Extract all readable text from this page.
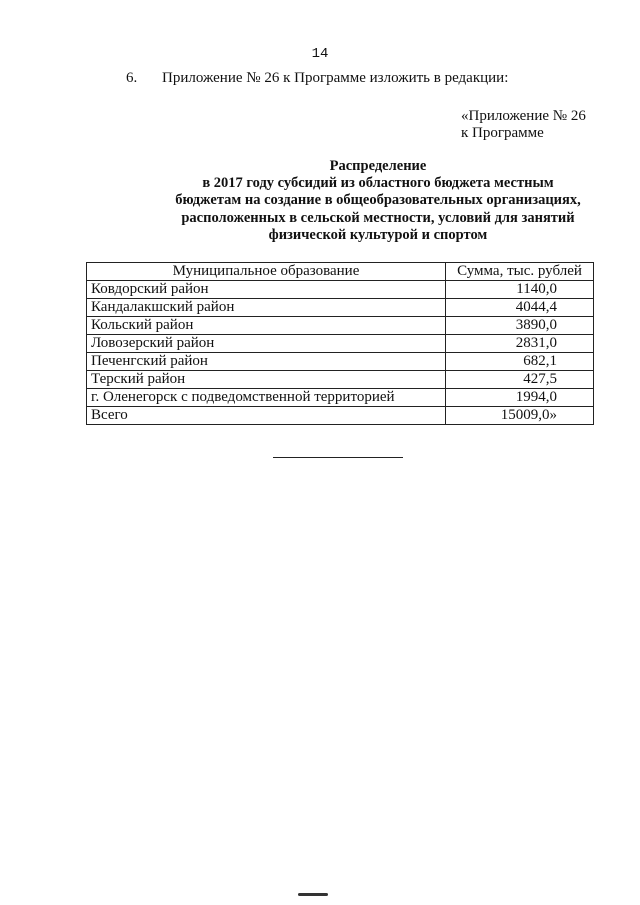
14
6. Приложение № 26 к Программе изложить в редакции:
«Приложение № 26
к Программе
Распределение
в 2017 году субсидий из областного бюджета местным
бюджетам на создание в общеобразовательных организациях,
расположенных в сельской местности, условий для занятий
физической культурой и спортом
Муниципальное образование	Сумма, тыс. рублей
Ковдорский район	1140,0
Кандалакшский район	4044,4
Кольский район	3890,0
Ловозерский район	2831,0
Печенгский район	682,1
Терский район	427,5
г. Оленегорск с подведомственной территорией	1994,0
Всего	15009,0»
